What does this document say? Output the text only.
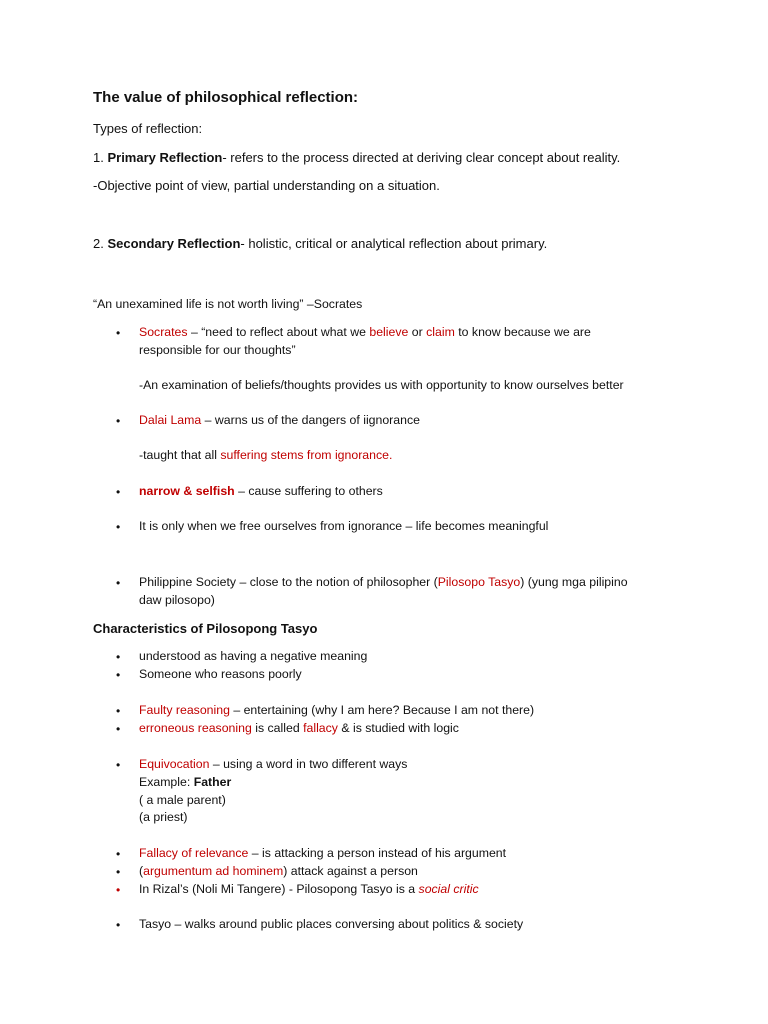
The value of philosophical reflection:
Types of reflection:
1. Primary Reflection- refers to the process directed at deriving clear concept about reality.
-Objective point of view, partial understanding on a situation.
2. Secondary Reflection- holistic, critical or analytical reflection about primary.
“An unexamined life is not worth living” –Socrates
• Socrates – “need to reflect about what we believe or claim to know because we are
responsible for our thoughts”
-An examination of beliefs/thoughts provides us with opportunity to know ourselves better
• Dalai Lama – warns us of the dangers of iignorance
-taught that all suffering stems from ignorance.
• narrow & selfish – cause suffering to others
• It is only when we free ourselves from ignorance – life becomes meaningful
• Philippine Society – close to the notion of philosopher (Pilosopo Tasyo) (yung mga pilipino
daw pilosopo)
Characteristics of Pilosopong Tasyo
• understood as having a negative meaning
• Someone who reasons poorly
• Faulty reasoning – entertaining (why I am here? Because I am not there)
• erroneous reasoning is called fallacy & is studied with logic
• Equivocation – using a word in two different ways
Example: Father
( a male parent)
(a priest)
• Fallacy of relevance – is attacking a person instead of his argument
• (argumentum ad hominem) attack against a person
• In Rizal’s (Noli Mi Tangere) - Pilosopong Tasyo is a social critic
• Tasyo – walks around public places conversing about politics & society
